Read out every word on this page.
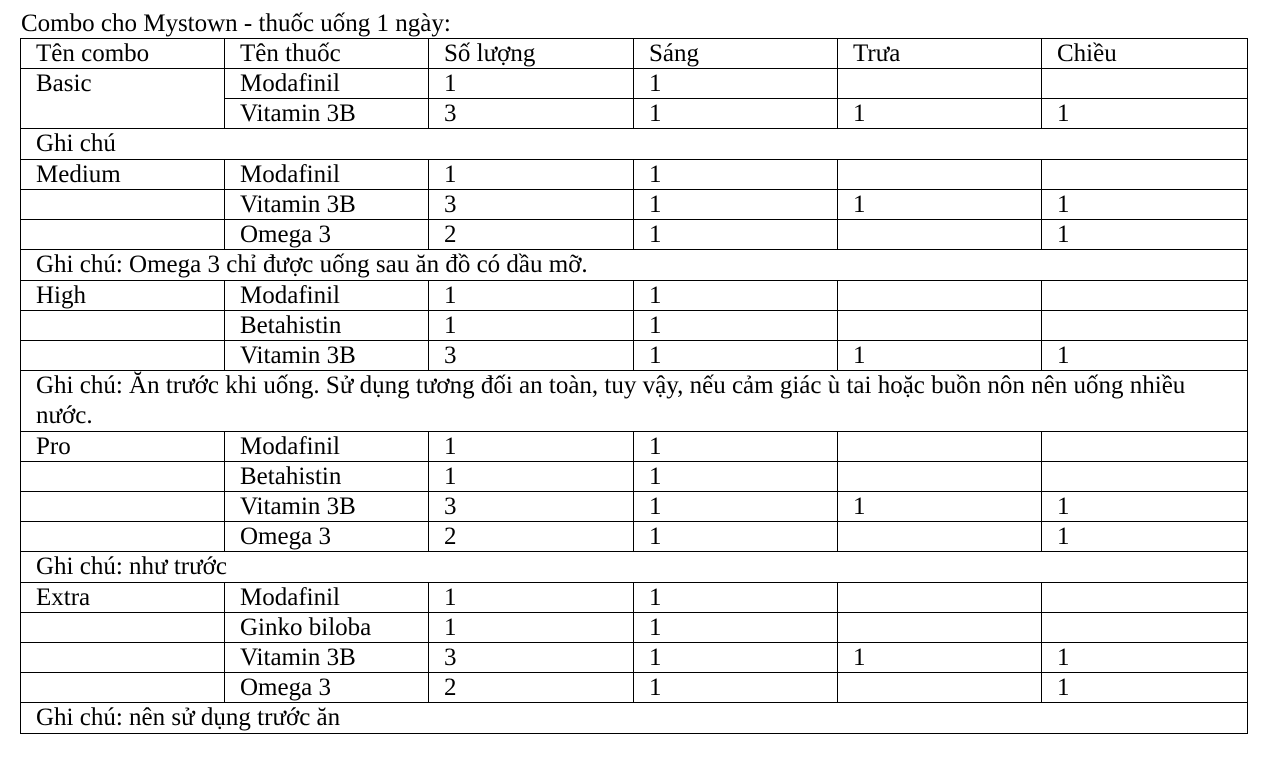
Combo cho Mystown - thuốc uống 1 ngày:
Tên combo	Tên thuốc	Số lượng	Sáng	Trưa	Chiều
Basic	Modafinil	1	1		
	Vitamin 3B	3	1	1	1
Ghi chú					
Medium	Modafinil	1	1		
	Vitamin 3B	3	1	1	1
	Omega 3	2	1		1
Ghi chú: Omega 3 chỉ được uống sau ăn đồ có dầu mỡ.					
High	Modafinil	1	1		
	Betahistin	1	1		
	Vitamin 3B	3	1	1	1
Ghi chú: Ăn trước khi uống. Sử dụng tương đối an toàn, tuy vậy, nếu cảm giác ù tai hoặc buồn nôn nên uống nhiều nước.					
Pro	Modafinil	1	1		
	Betahistin	1	1		
	Vitamin 3B	3	1	1	1
	Omega 3	2	1		1
Ghi chú: như trước					
Extra	Modafinil	1	1		
	Ginko biloba	1	1		
	Vitamin 3B	3	1	1	1
	Omega 3	2	1		1
Ghi chú: nên sử dụng trước ăn					
